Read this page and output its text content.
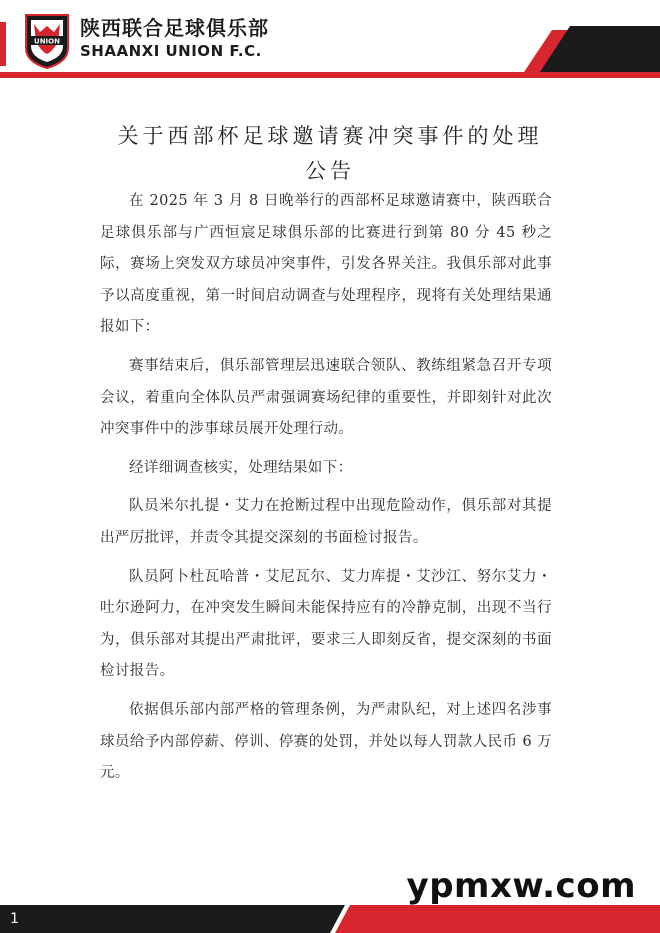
UNION
陕西联合足球俱乐部
SHAANXI UNION F.C.
关于西部杯足球邀请赛冲突事件的处理
公告

在 2025 年 3 月 8 日晚举行的西部杯足球邀请赛中，陕西联合足球俱乐部与广西恒宸足球俱乐部的比赛进行到第 80 分 45 秒之际，赛场上突发双方球员冲突事件，引发各界关注。我俱乐部对此事予以高度重视，第一时间启动调查与处理程序，现将有关处理结果通报如下：

赛事结束后，俱乐部管理层迅速联合领队、教练组紧急召开专项会议，着重向全体队员严肃强调赛场纪律的重要性，并即刻针对此次冲突事件中的涉事球员展开处理行动。

经详细调查核实，处理结果如下：

队员米尔扎提・艾力在抢断过程中出现危险动作，俱乐部对其提出严厉批评，并责令其提交深刻的书面检讨报告。

队员阿卜杜瓦哈普・艾尼瓦尔、艾力库提・艾沙江、努尔艾力・吐尔逊阿力，在冲突发生瞬间未能保持应有的冷静克制，出现不当行为，俱乐部对其提出严肃批评，要求三人即刻反省，提交深刻的书面检讨报告。

依据俱乐部内部严格的管理条例，为严肃队纪，对上述四名涉事球员给予内部停薪、停训、停赛的处罚，并处以每人罚款人民币 6 万元。

1
ypmxw.com
